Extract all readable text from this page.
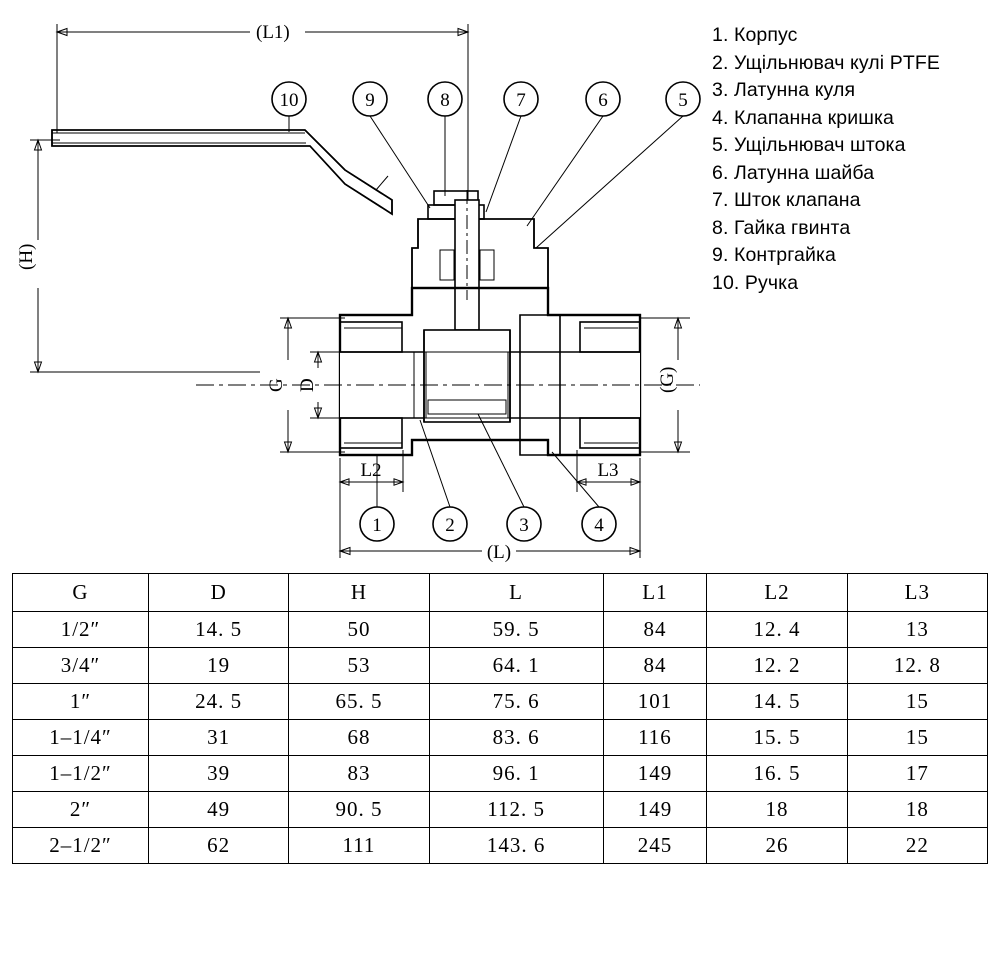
(L1)
(H)
10	9	8	7	6	5
1	2	3	4
G D	(G)
L2	L3
(L)
1. Корпус
2. Ущільнювач кулі PTFE
3. Латунна куля
4. Клапанна кришка
5. Ущільнювач штока
6. Латунна шайба
7. Шток клапана
8. Гайка гвинта
9. Контргайка
10. Ручка
G	D	H	L	L1	L2	L3
1/2″	14. 5	50	59. 5	84	12. 4	13
3/4″	19	53	64. 1	84	12. 2	12. 8
1″	24. 5	65. 5	75. 6	101	14. 5	15
1–1/4″	31	68	83. 6	116	15. 5	15
1–1/2″	39	83	96. 1	149	16. 5	17
2″	49	90. 5	112. 5	149	18	18
2–1/2″	62	111	143. 6	245	26	22
